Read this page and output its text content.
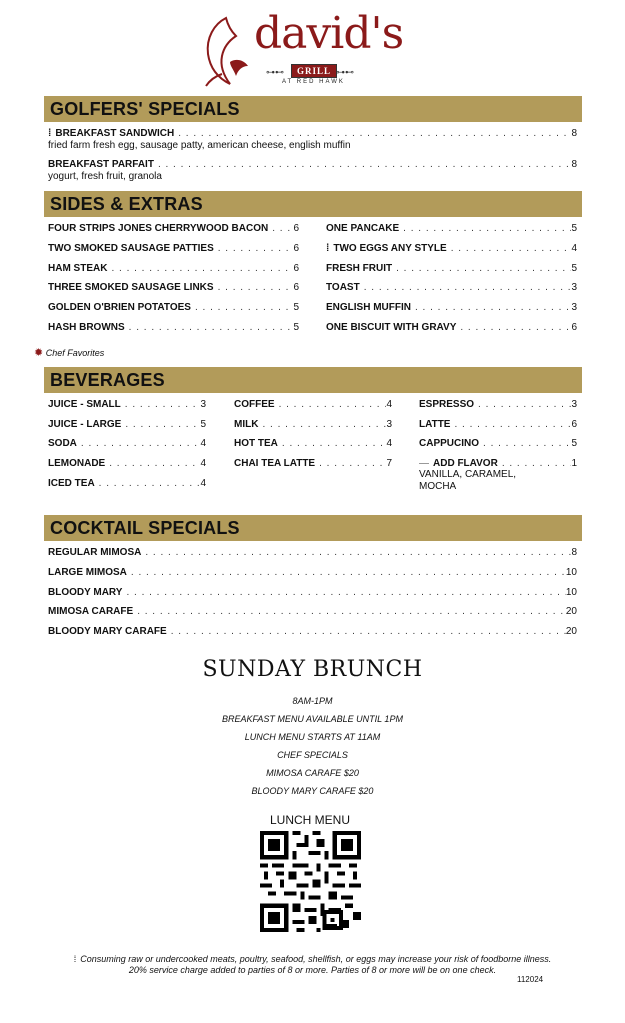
david's
⊶⊷	GRILL ⊶⊷
AT RED HAWK
GOLFERS' SPECIALS
⁞ BREAKFAST SANDWICH . . .	8
fried farm fresh egg, sausage patty, american cheese, english muffin
BREAKFAST PARFAIT . . .	8
yogurt, fresh fruit, granola
SIDES & EXTRAS
FOUR STRIPS JONES CHERRYWOOD BACON . . .	6
TWO SMOKED SAUSAGE PATTIES . . .	6
HAM STEAK . . .	6
THREE SMOKED SAUSAGE LINKS . . .	6
GOLDEN O'BRIEN POTATOES . . .	5
HASH BROWNS . . .	5
ONE PANCAKE . . .	5
⁞ TWO EGGS ANY STYLE . . .	4
FRESH FRUIT . . .	5
TOAST . . .	3
ENGLISH MUFFIN . . .	3
ONE BISCUIT WITH GRAVY . . .	6
✹ Chef Favorites
BEVERAGES
JUICE - SMALL . . .	3
JUICE - LARGE . . .	5
SODA . . .	4
LEMONADE . . .	4
ICED TEA . . .	4
COFFEE . . .	4
MILK . . .	3
HOT TEA . . .	4
CHAI TEA LATTE . . .	7
ESPRESSO . . .	3
LATTE . . .	6
CAPPUCINO . . .	5
— ADD FLAVOR . . .	1
VANILLA, CARAMEL, MOCHA
COCKTAIL SPECIALS
REGULAR MIMOSA . . .	8
LARGE MIMOSA . . .	10
BLOODY MARY . . .	10
MIMOSA CARAFE . . .	20
BLOODY MARY CARAFE . . .	20
SUNDAY BRUNCH
8AM-1PM
BREAKFAST MENU AVAILABLE UNTIL 1PM
LUNCH MENU STARTS AT 11AM
CHEF SPECIALS
MIMOSA CARAFE $20
BLOODY MARY CARAFE $20
LUNCH MENU
⁞ Consuming raw or undercooked meats, poultry, seafood, shellfish, or eggs may increase your risk of foodborne illness.
20% service charge added to parties of 8 or more. Parties of 8 or more will be on one check.
112024
